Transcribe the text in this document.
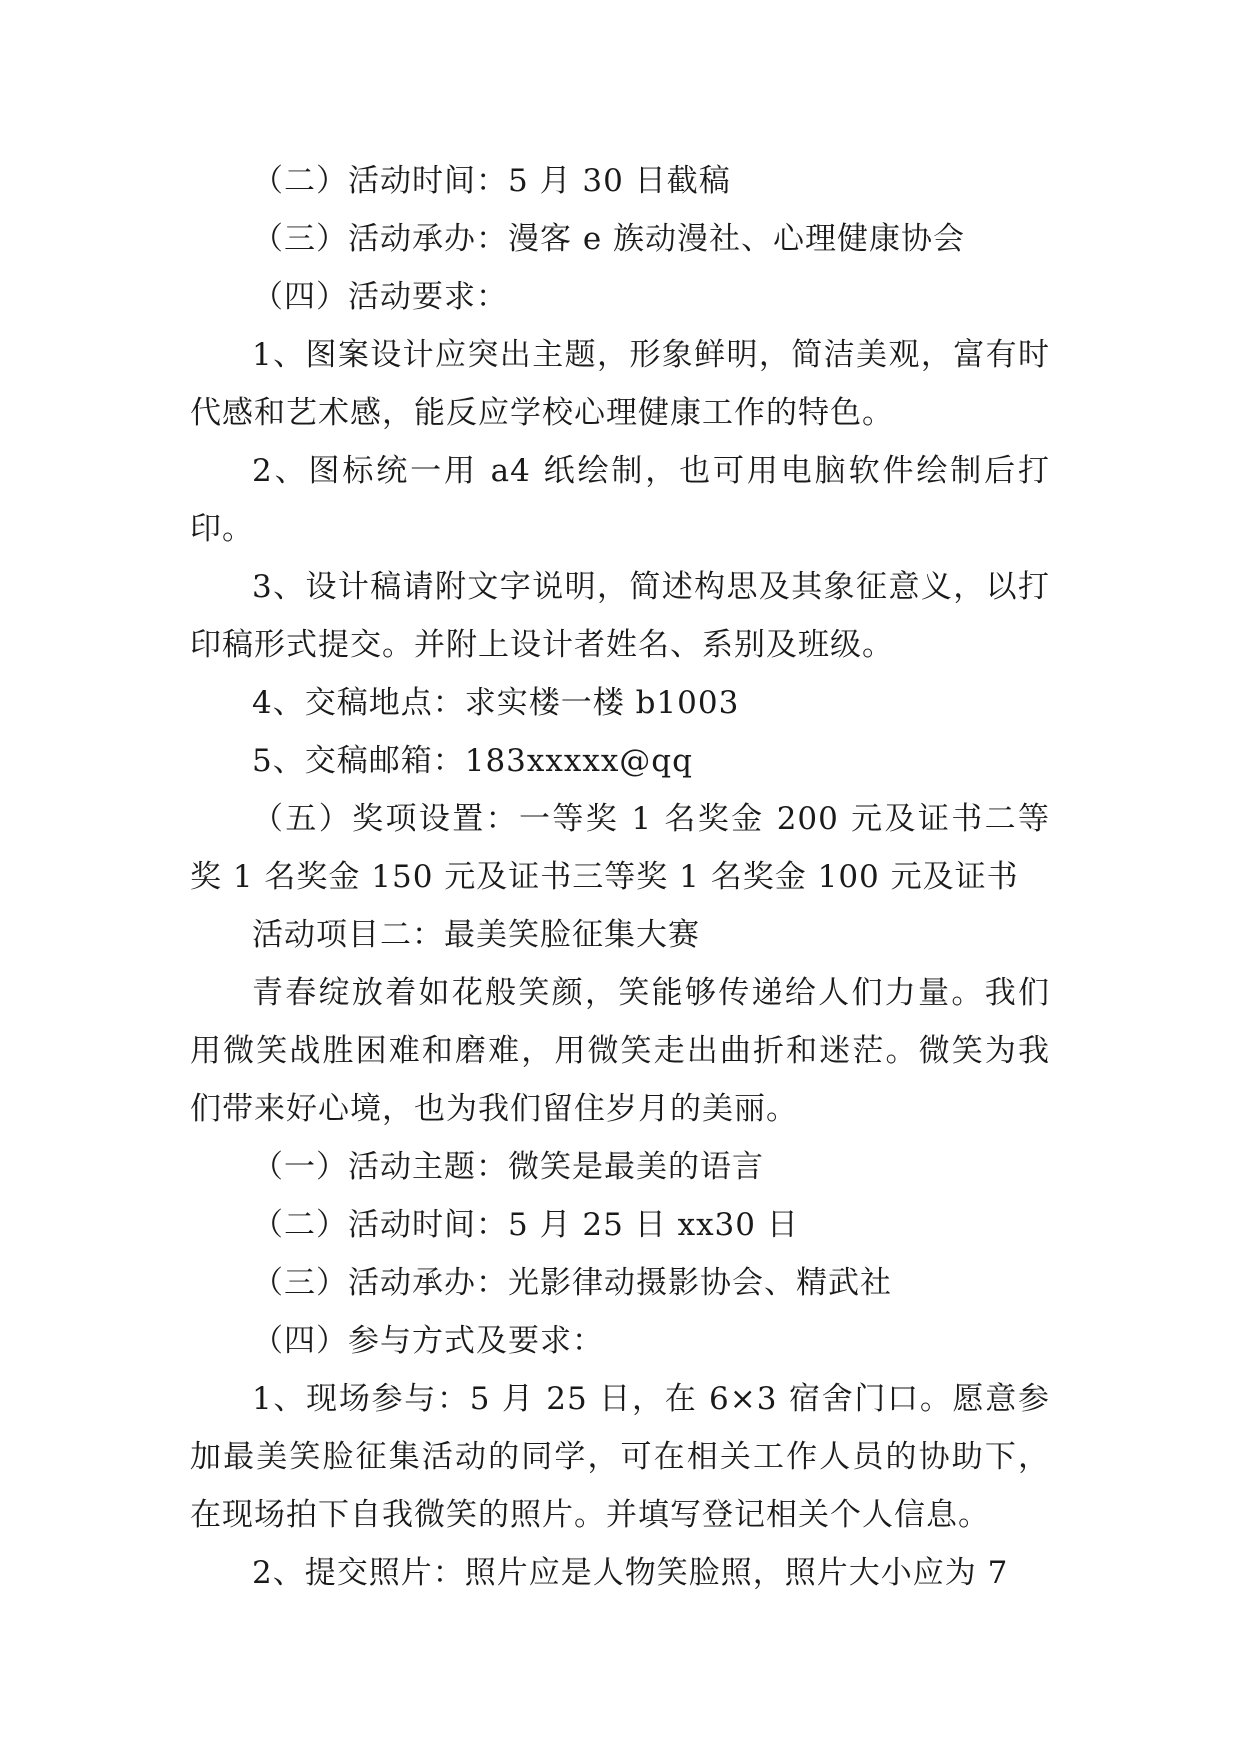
（二）活动时间：5 月 30 日截稿

（三）活动承办：漫客 e 族动漫社、心理健康协会

（四）活动要求：

1、图案设计应突出主题，形象鲜明，简洁美观，富有时代感和艺术感，能反应学校心理健康工作的特色。

2、图标统一用 a4 纸绘制，也可用电脑软件绘制后打印。

3、设计稿请附文字说明，简述构思及其象征意义，以打印稿形式提交。并附上设计者姓名、系别及班级。

4、交稿地点：求实楼一楼 b1003

5、交稿邮箱：183xxxxx@qq

（五）奖项设置：一等奖 1 名奖金 200 元及证书二等奖 1 名奖金 150 元及证书三等奖 1 名奖金 100 元及证书

活动项目二：最美笑脸征集大赛

青春绽放着如花般笑颜，笑能够传递给人们力量。我们用微笑战胜困难和磨难，用微笑走出曲折和迷茫。微笑为我们带来好心境，也为我们留住岁月的美丽。

（一）活动主题：微笑是最美的语言

（二）活动时间：5 月 25 日 xx30 日

（三）活动承办：光影律动摄影协会、精武社

（四）参与方式及要求：

1、现场参与：5 月 25 日，在 6×3 宿舍门口。愿意参加最美笑脸征集活动的同学，可在相关工作人员的协助下，在现场拍下自我微笑的照片。并填写登记相关个人信息。

2、提交照片：照片应是人物笑脸照，照片大小应为 7
